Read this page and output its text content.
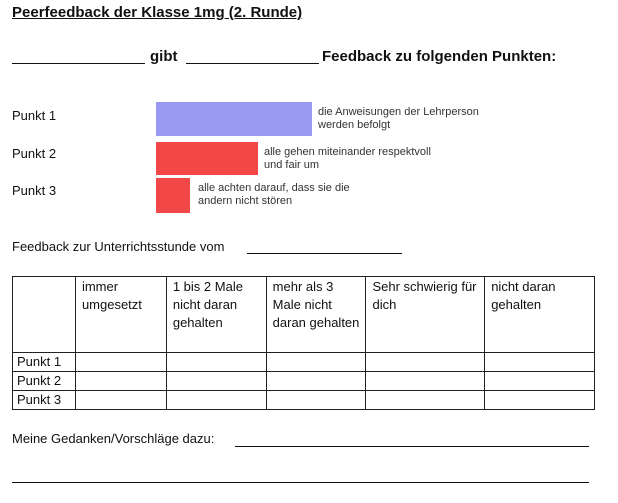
Peerfeedback der Klasse 1mg (2. Runde)
gibt	Feedback zu folgenden Punkten:
Punkt 1	die Anweisungen der Lehrperson
werden befolgt
Punkt 2	alle gehen miteinander respektvoll
und fair um
Punkt 3	alle achten darauf, dass sie die
andern nicht stören
Feedback zur Unterrichtsstunde vom
	immer umgesetzt	1 bis 2 Male nicht daran gehalten	mehr als 3 Male nicht daran gehalten	Sehr schwierig für dich	nicht daran gehalten
Punkt 1					
Punkt 2					
Punkt 3					
Meine Gedanken/Vorschläge dazu:
